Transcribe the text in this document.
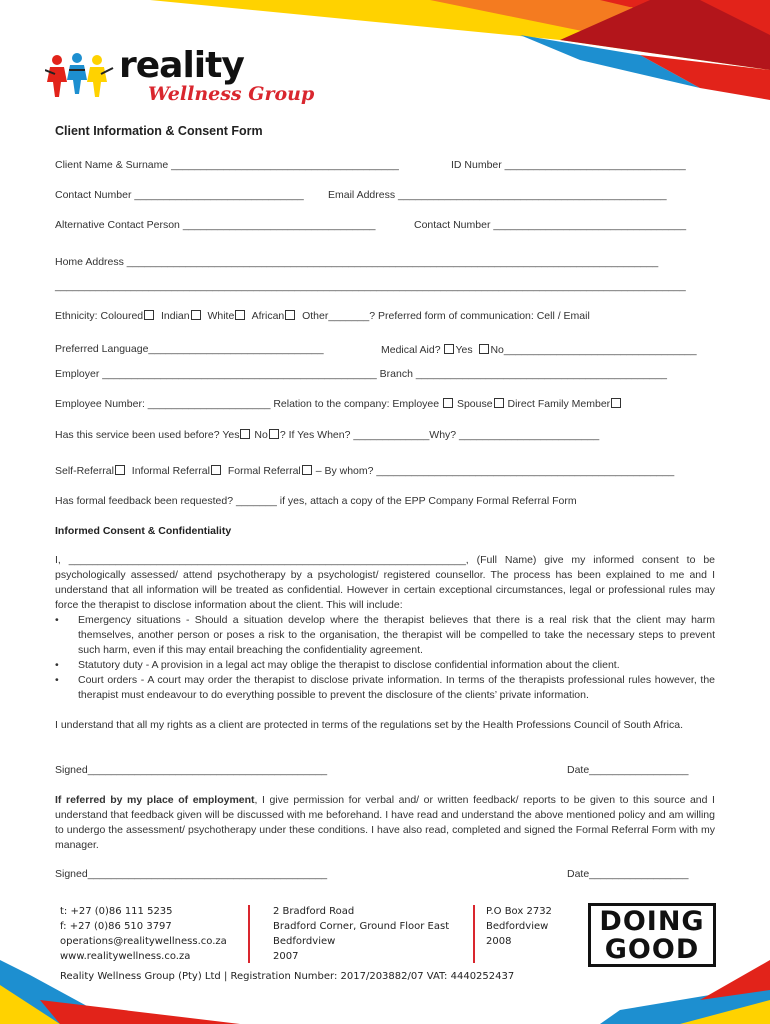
reality
Wellness Group
Client Information & Consent Form
Client Name & Surname _______________________________________	ID Number _______________________________
Contact Number _____________________________ Email Address ______________________________________________
Alternative Contact Person _________________________________	Contact Number _________________________________
Home Address ___________________________________________________________________________________________
____________________________________________________________________________________________________________
Ethnicity: Coloured Indian White African Other_______? Preferred form of communication: Cell / Email
Preferred Language______________________________	Medical Aid? Yes No_________________________________
Employer _______________________________________________ Branch ___________________________________________
Employee Number: _____________________ Relation to the company: Employee Spouse Direct Family Member
Has this service been used before? Yes No ? If Yes When? _____________Why? ________________________
Self-Referral Informal Referral Formal Referral – By whom? ___________________________________________________
Has formal feedback been requested? _______ if yes, attach a copy of the EPP Company Formal Referral Form
Informed Consent & Confidentiality
I, ____________________________________________________________________, (Full Name) give my informed consent to be psychologically assessed/ attend psychotherapy by a psychologist/ registered counsellor. The process has been explained to me and I understand that all information will be treated as confidential. However in certain exceptional circumstances, legal or professional rules may force the therapist to disclose information about the client. This will include:
• Emergency situations - Should a situation develop where the therapist believes that there is a real risk that the client may harm themselves, another person or poses a risk to the organisation, the therapist will be compelled to take the necessary steps to prevent such harm, even if this may entail breaching the confidentiality agreement.
• Statutory duty - A provision in a legal act may oblige the therapist to disclose confidential information about the client.
• Court orders - A court may order the therapist to disclose private information. In terms of the therapists professional rules however, the therapist must endeavour to do everything possible to prevent the disclosure of the clients’ private information.
I understand that all my rights as a client are protected in terms of the regulations set by the Health Professions Council of South Africa.
Signed_________________________________________	Date_________________
If referred by my place of employment, I give permission for verbal and/ or written feedback/ reports to be given to this source and I understand that feedback given will be discussed with me beforehand. I have read and understand the above mentioned policy and am willing to undergo the assessment/ psychotherapy under these conditions. I have also read, completed and signed the Formal Referral Form with my manager.
Signed_________________________________________	Date_________________
t: +27 (0)86 111 5235
f: +27 (0)86 510 3797
operations@realitywellness.co.za
www.realitywellness.co.za
2 Bradford Road
Bradford Corner, Ground Floor East
Bedfordview
2007
P.O Box 2732
Bedfordview
2008
DOING
GOOD
Reality Wellness Group (Pty) Ltd | Registration Number: 2017/203882/07 VAT: 4440252437
